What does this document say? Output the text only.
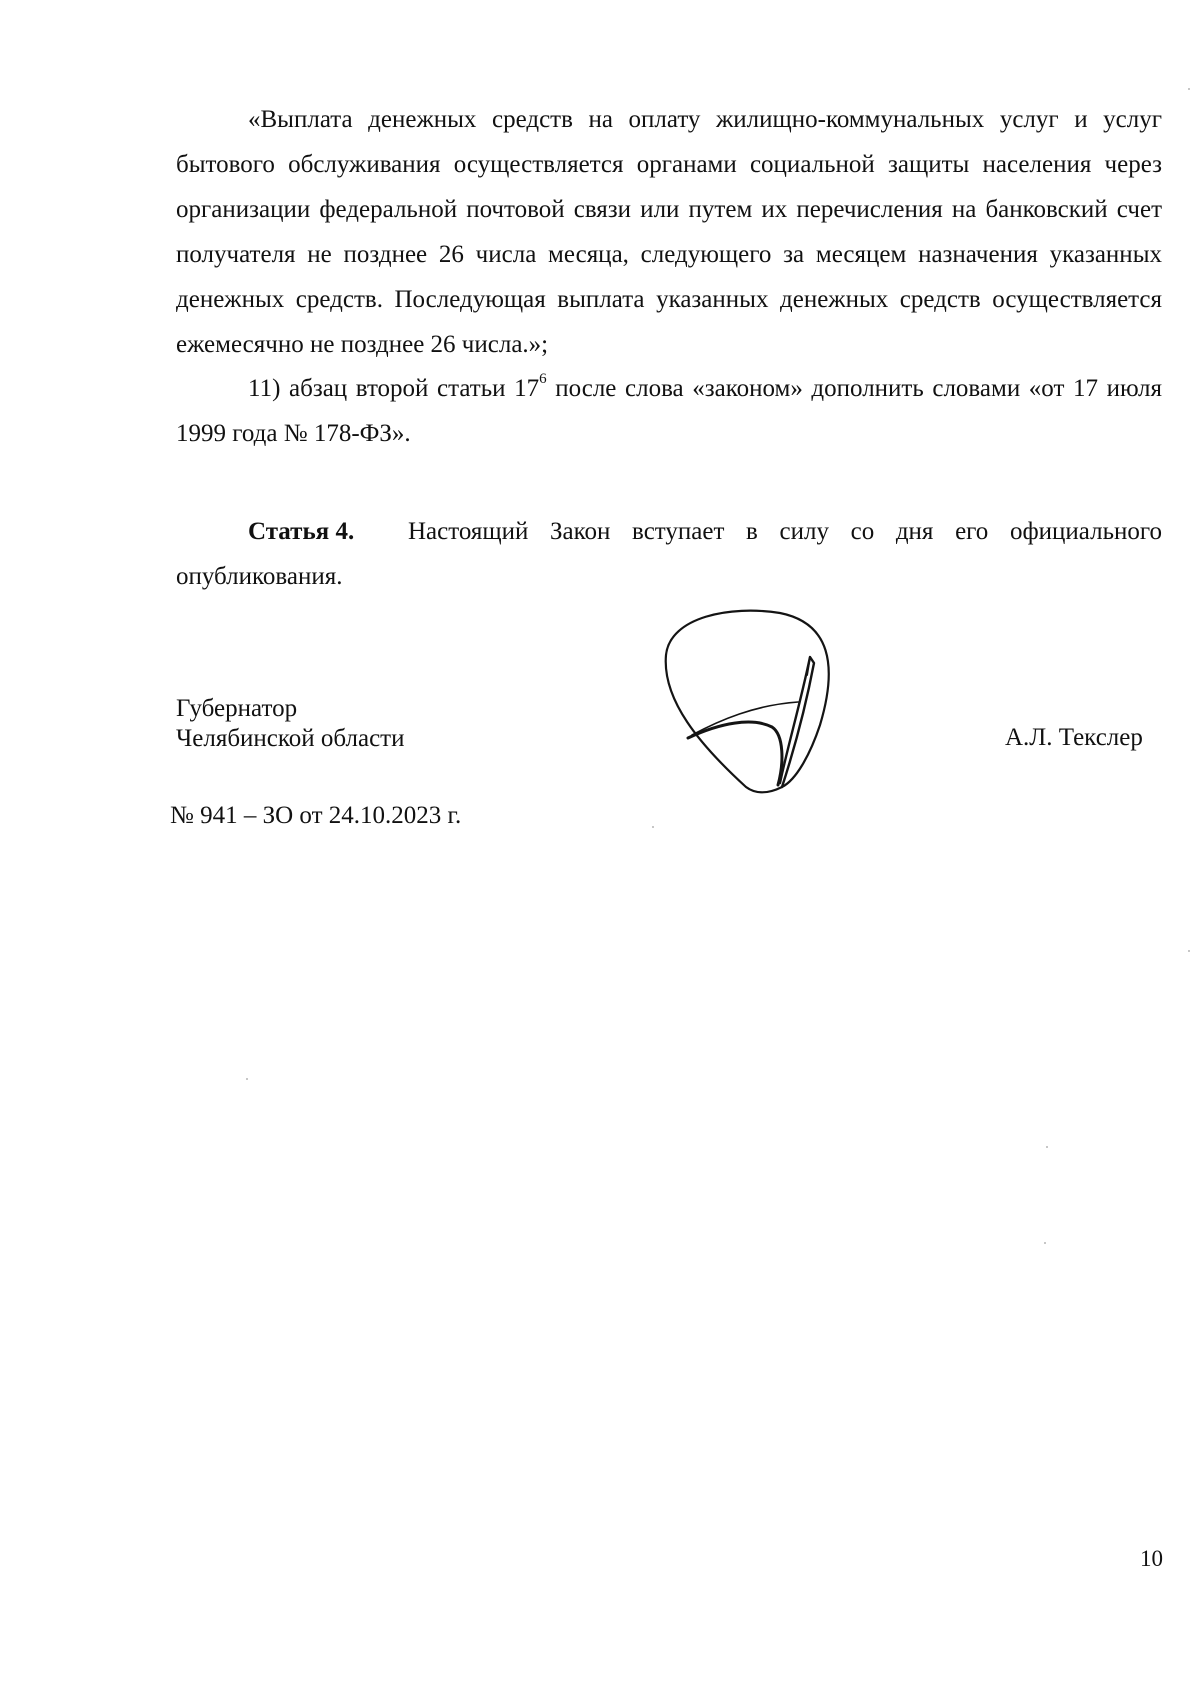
«Выплата денежных средств на оплату жилищно-коммунальных услуг и услуг бытового обслуживания осуществляется органами социальной защиты населения через организации федеральной почтовой связи или путем их перечисления на банковский счет получателя не позднее 26 числа месяца, следующего за месяцем назначения указанных денежных средств. Последующая выплата указанных денежных средств осуществляется ежемесячно не позднее 26 числа.»;

11) абзац второй статьи $17^6$ после слова «законом» дополнить словами «от 17 июля 1999 года № 178-ФЗ».

Статья 4. Настоящий Закон вступает в силу со дня его официального опубликования.

Губернатор
Челябинской области	А.Л. Текслер
№ 941 – ЗО от 24.10.2023 г.
10
